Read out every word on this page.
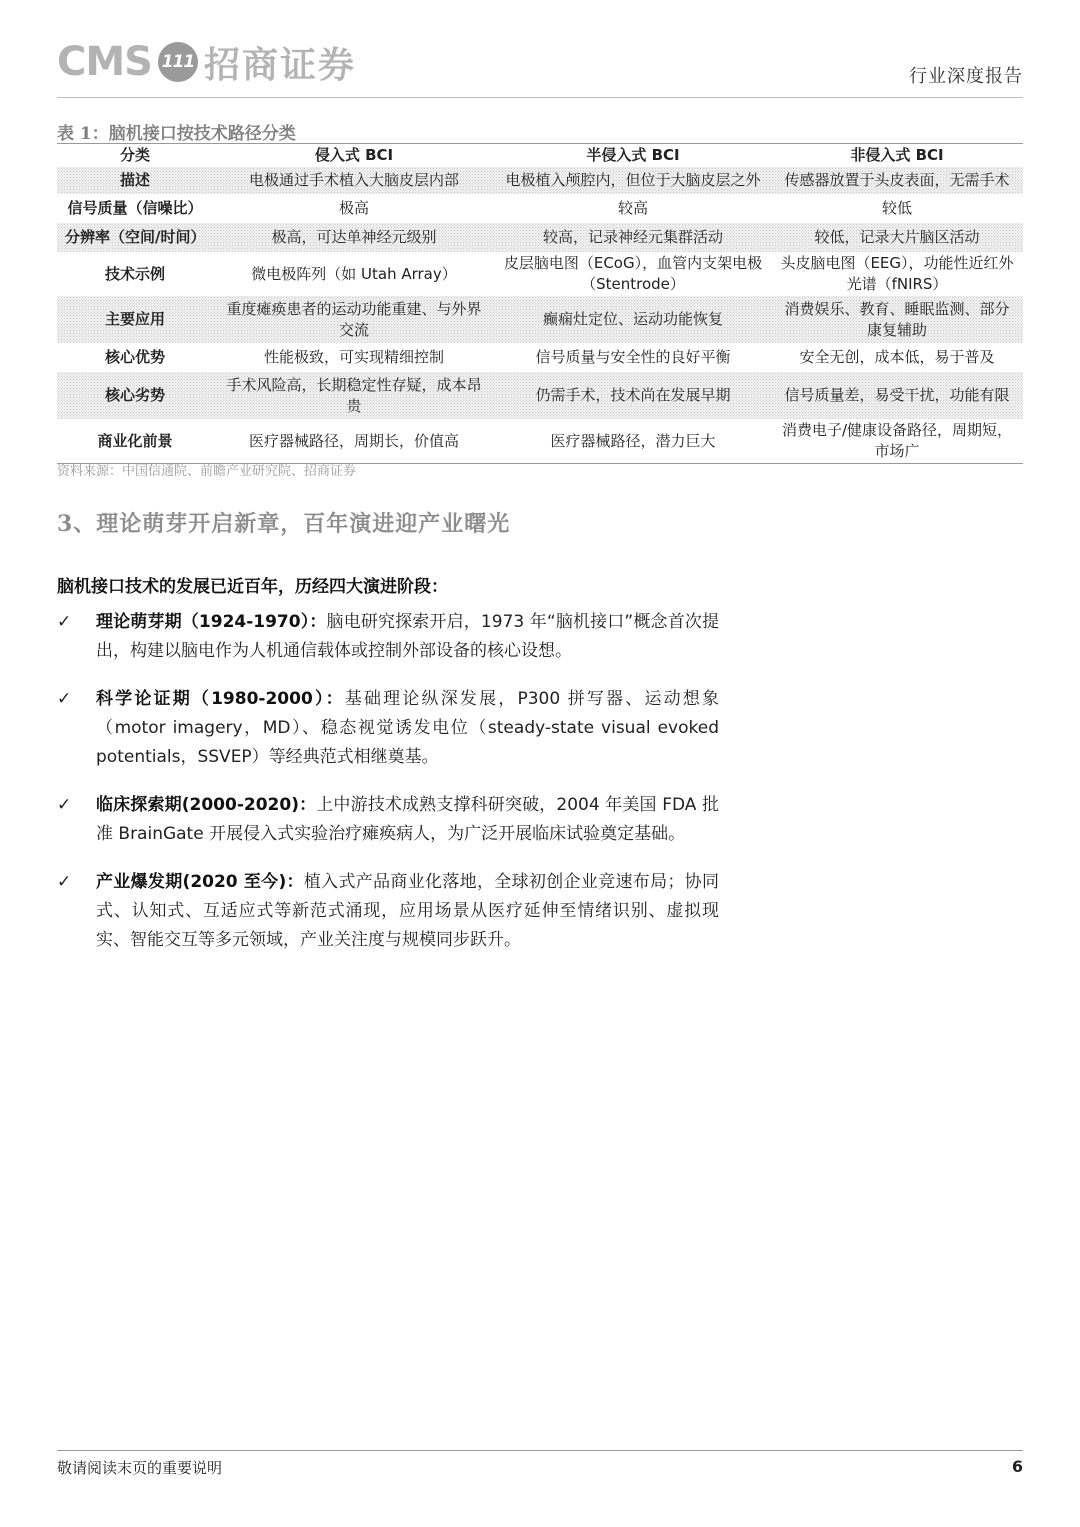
CMS 111 招商证券	行业深度报告
表 1：脑机接口按技术路径分类
分类	侵入式 BCI	半侵入式 BCI	非侵入式 BCI
描述	电极通过手术植入大脑皮层内部	电极植入颅腔内，但位于大脑皮层之外	传感器放置于头皮表面，无需手术
信号质量（信噪比）	极高	较高	较低
分辨率（空间/时间）	极高，可达单神经元级别	较高，记录神经元集群活动	较低，记录大片脑区活动
技术示例	微电极阵列（如 Utah Array）	皮层脑电图（ECoG），血管内支架电极（Stentrode）	头皮脑电图（EEG），功能性近红外光谱（fNIRS）
主要应用	重度瘫痪患者的运动功能重建、与外界交流	癫痫灶定位、运动功能恢复	消费娱乐、教育、睡眠监测、部分康复辅助
核心优势	性能极致，可实现精细控制	信号质量与安全性的良好平衡	安全无创，成本低，易于普及
核心劣势	手术风险高，长期稳定性存疑，成本昂贵	仍需手术，技术尚在发展早期	信号质量差，易受干扰，功能有限
商业化前景	医疗器械路径，周期长，价值高	医疗器械路径，潜力巨大	消费电子/健康设备路径，周期短，市场广
资料来源：中国信通院、前瞻产业研究院、招商证券
3、理论萌芽开启新章，百年演进迎产业曙光
脑机接口技术的发展已近百年，历经四大演进阶段：
✓ 理论萌芽期（1924-1970）：脑电研究探索开启，1973 年“脑机接口”概念首次提出，构建以脑电作为人机通信载体或控制外部设备的核心设想。
✓ 科学论证期（1980-2000）：基础理论纵深发展，P300 拼写器、运动想象（motor imagery，MD）、稳态视觉诱发电位（steady-state visual evoked potentials，SSVEP）等经典范式相继奠基。
✓ 临床探索期(2000-2020)：上中游技术成熟支撑科研突破，2004 年美国 FDA 批准 BrainGate 开展侵入式实验治疗瘫痪病人，为广泛开展临床试验奠定基础。
✓ 产业爆发期(2020 至今)：植入式产品商业化落地，全球初创企业竞速布局；协同式、认知式、互适应式等新范式涌现，应用场景从医疗延伸至情绪识别、虚拟现实、智能交互等多元领域，产业关注度与规模同步跃升。
敬请阅读末页的重要说明	6
